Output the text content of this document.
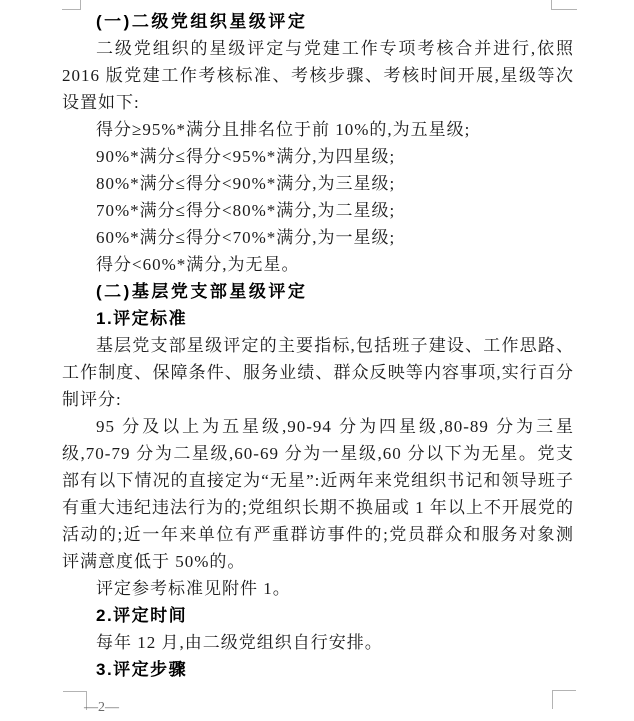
(一)二级党组织星级评定

二级党组织的星级评定与党建工作专项考核合并进行,依照 2016 版党建工作考核标准、考核步骤、考核时间开展,星级等次设置如下:

得分≥95%*满分且排名位于前 10%的,为五星级;

90%*满分≤得分<95%*满分,为四星级;

80%*满分≤得分<90%*满分,为三星级;

70%*满分≤得分<80%*满分,为二星级;

60%*满分≤得分<70%*满分,为一星级;

得分<60%*满分,为无星。

(二)基层党支部星级评定

1.评定标准

基层党支部星级评定的主要指标,包括班子建设、工作思路、工作制度、保障条件、服务业绩、群众反映等内容事项,实行百分制评分:

95 分及以上为五星级,90-94 分为四星级,80-89 分为三星级,70-79 分为二星级,60-69 分为一星级,60 分以下为无星。党支部有以下情况的直接定为“无星”:近两年来党组织书记和领导班子有重大违纪违法行为的;党组织长期不换届或 1 年以上不开展党的活动的;近一年来单位有严重群访事件的;党员群众和服务对象测评满意度低于 50%的。

评定参考标准见附件 1。

2.评定时间

每年 12 月,由二级党组织自行安排。

3.评定步骤

—2—
